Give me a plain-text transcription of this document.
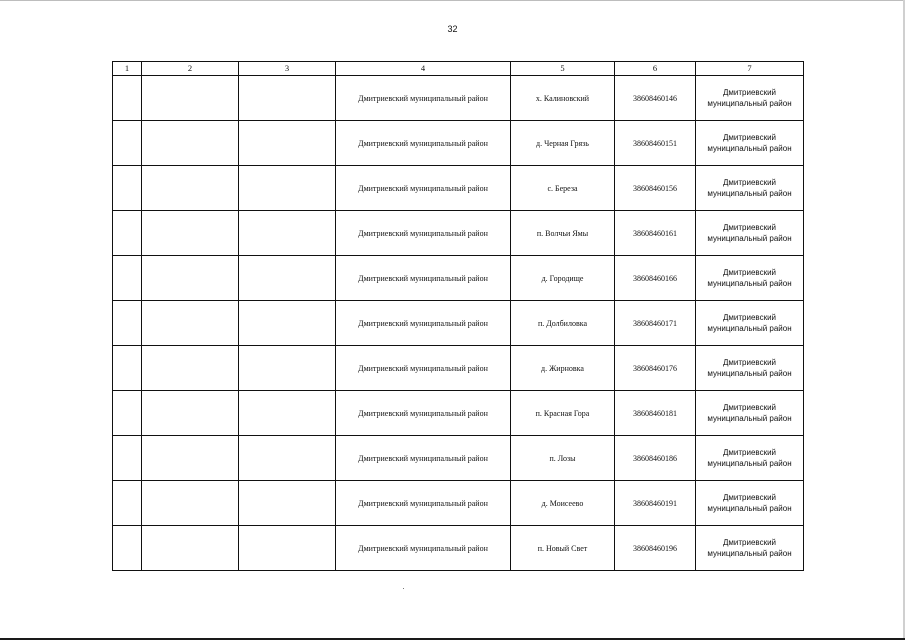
32
1	2	3	4	5	6	7
			Дмитриевский муниципальный район	х. Калиновский	38608460146	Дмитриевский
муниципальный район

			Дмитриевский муниципальный район	д. Черная Грязь	38608460151	Дмитриевский
муниципальный район

			Дмитриевский муниципальный район	с. Береза	38608460156	Дмитриевский
муниципальный район

			Дмитриевский муниципальный район	п. Волчьи Ямы	38608460161	Дмитриевский
муниципальный район

			Дмитриевский муниципальный район	д. Городище	38608460166	Дмитриевский
муниципальный район

			Дмитриевский муниципальный район	п. Долбиловка	38608460171	Дмитриевский
муниципальный район

			Дмитриевский муниципальный район	д. Жирновка	38608460176	Дмитриевский
муниципальный район

			Дмитриевский муниципальный район	п. Красная Гора	38608460181	Дмитриевский
муниципальный район

			Дмитриевский муниципальный район	п. Лозы	38608460186	Дмитриевский
муниципальный район

			Дмитриевский муниципальный район	д. Моисеево	38608460191	Дмитриевский
муниципальный район

			Дмитриевский муниципальный район	п. Новый Свет	38608460196	Дмитриевский
муниципальный район
